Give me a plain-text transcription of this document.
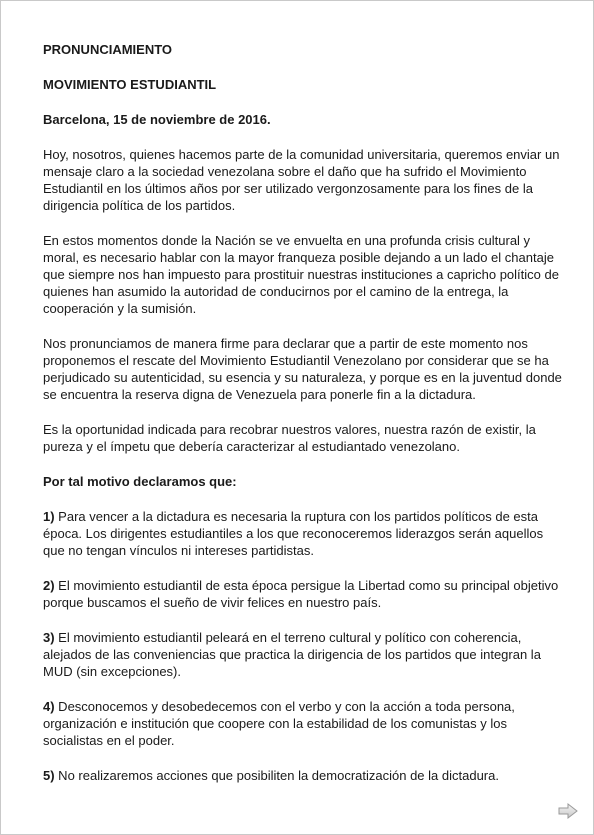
PRONUNCIAMIENTO
MOVIMIENTO ESTUDIANTIL
Barcelona, 15 de noviembre de 2016.

Hoy, nosotros, quienes hacemos parte de la comunidad universitaria, queremos enviar un mensaje claro a la sociedad venezolana sobre el daño que ha sufrido el Movimiento Estudiantil en los últimos años por ser utilizado vergonzosamente para los fines de la dirigencia política de los partidos.

En estos momentos donde la Nación se ve envuelta en una profunda crisis cultural y moral, es necesario hablar con la mayor franqueza posible dejando a un lado el chantaje que siempre nos han impuesto para prostituir nuestras instituciones a capricho político de quienes han asumido la autoridad de conducirnos por el camino de la entrega, la cooperación y la sumisión.

Nos pronunciamos de manera firme para declarar que a partir de este momento nos proponemos el rescate del Movimiento Estudiantil Venezolano por considerar que se ha perjudicado su autenticidad, su esencia y su naturaleza, y porque es en la juventud donde se encuentra la reserva digna de Venezuela para ponerle fin a la dictadura.

Es la oportunidad indicada para recobrar nuestros valores, nuestra razón de existir, la pureza y el ímpetu que debería caracterizar al estudiantado venezolano.

Por tal motivo declaramos que:

1) Para vencer a la dictadura es necesaria la ruptura con los partidos políticos de esta época. Los dirigentes estudiantiles a los que reconoceremos liderazgos serán aquellos que no tengan vínculos ni intereses partidistas.

2) El movimiento estudiantil de esta época persigue la Libertad como su principal objetivo porque buscamos el sueño de vivir felices en nuestro país.

3) El movimiento estudiantil peleará en el terreno cultural y político con coherencia, alejados de las conveniencias que practica la dirigencia de los partidos que integran la MUD (sin excepciones).

4) Desconocemos y desobedecemos con el verbo y con la acción a toda persona, organización e institución que coopere con la estabilidad de los comunistas y los socialistas en el poder.

5) No realizaremos acciones que posibiliten la democratización de la dictadura.
